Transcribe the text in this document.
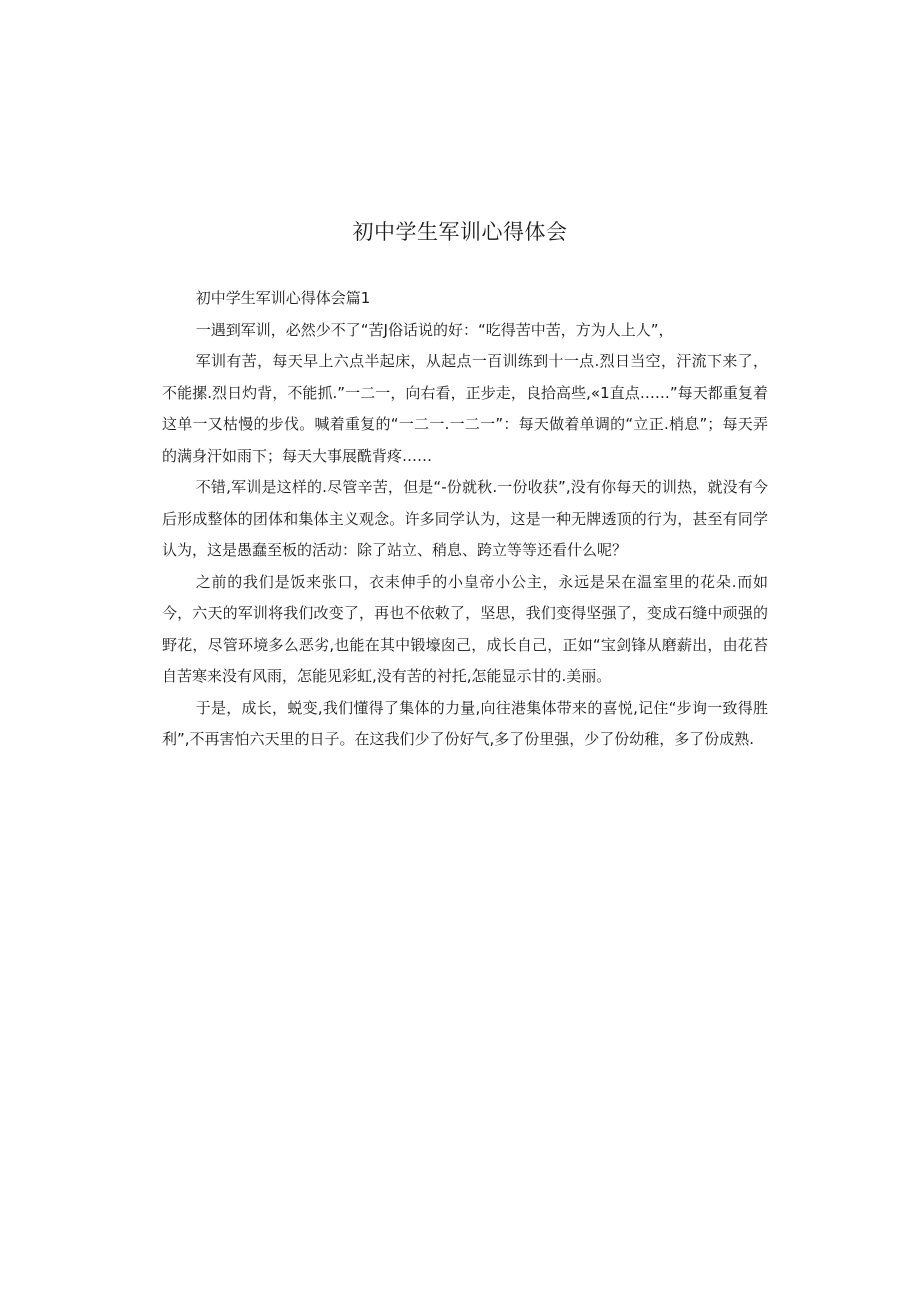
初中学生军训心得体会

初中学生军训心得体会篇1

一遇到军训，必然少不了“苦J俗话说的好：“吃得苦中苦，方为人上人”，

军训有苦，每天早上六点半起床，从起点一百训练到十一点.烈日当空，汗流下来了，不能摞.烈日灼背，不能抓.”一二一，向右看，正步走，良拾高些,«1直点……”每天都重复着这单一又枯慢的步伐。喊着重复的“一二一.一二一”：每天做着单调的“立正.梢息”；每天弄的满身汗如雨下；每天大事展酰背疼……

不错,军训是这样的.尽管辛苦，但是“-份就秋.一份收获”,没有你每天的训热，就没有今后形成整体的团体和集体主义观念。许多同学认为，这是一种无牌透顶的行为，甚至有同学认为，这是愚蠢至板的活动：除了站立、稍息、跨立等等还看什么呢？

之前的我们是饭来张口，衣耒伸手的小皇帝小公主，永远是呆在温室里的花朵.而如今，六天的军训将我们改变了，再也不依敕了，坚思，我们变得坚强了，变成石缝中顽强的野花，尽管环境多么恶劣,也能在其中锻壕囱己，成长自己，正如“宝剑锋从磨薪出，由花苔自苦寒来没有风雨，怎能见彩虹,没有苦的衬托,怎能显示甘的.美丽。

于是，成长，蜕变,我们懂得了集体的力量,向往港集体带来的喜悦,记住“步询一致得胜利”,不再害怕六天里的日子。在这我们少了份好气,多了份里强，少了份幼稚，多了份成熟.
